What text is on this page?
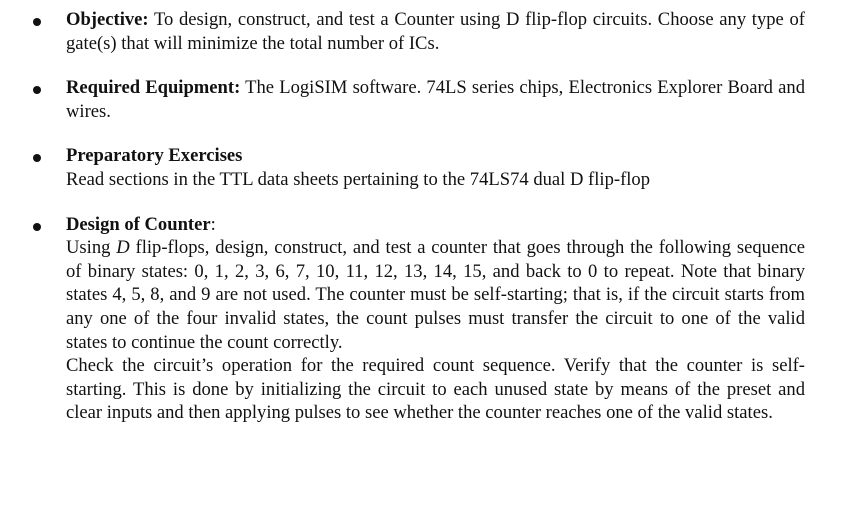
Objective: To design, construct, and test a Counter using D flip-flop circuits. Choose any type of gate(s) that will minimize the total number of ICs.

Required Equipment: The LogiSIM software. 74LS series chips, Electronics Explorer Board and wires.

Preparatory Exercises

Read sections in the TTL data sheets pertaining to the 74LS74 dual D flip-flop

Design of Counter:

Using D flip-flops, design, construct, and test a counter that goes through the following sequence of binary states: 0, 1, 2, 3, 6, 7, 10, 11, 12, 13, 14, 15, and back to 0 to repeat. Note that binary states 4, 5, 8, and 9 are not used. The counter must be self-starting; that is, if the circuit starts from any one of the four invalid states, the count pulses must transfer the circuit to one of the valid states to continue the count correctly.

Check the circuit’s operation for the required count sequence. Verify that the counter is self-starting. This is done by initializing the circuit to each unused state by means of the preset and clear inputs and then applying pulses to see whether the counter reaches one of the valid states.
